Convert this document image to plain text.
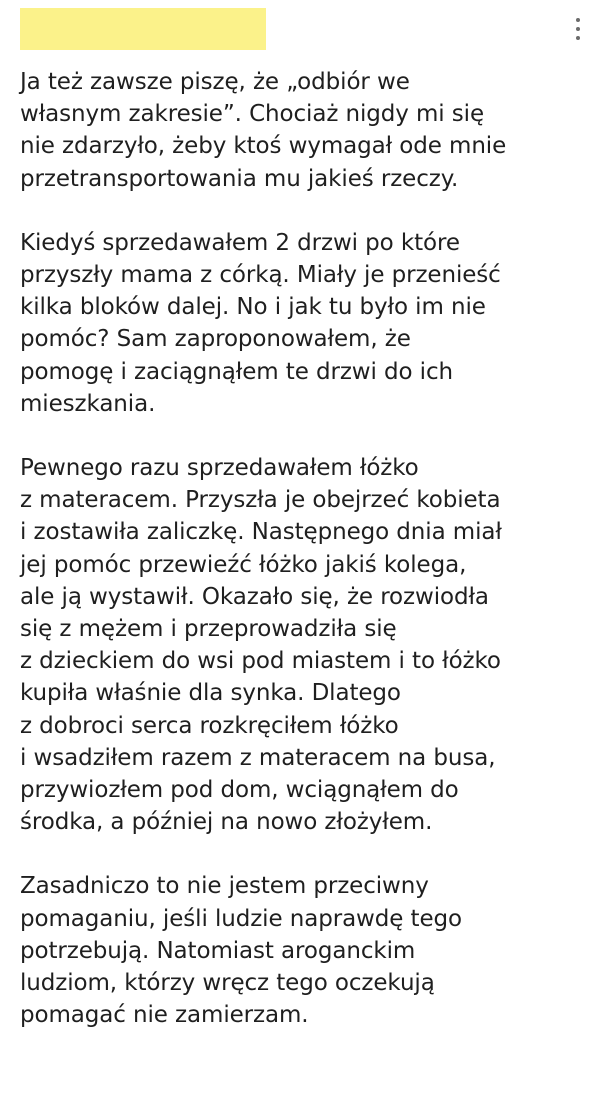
Ja też zawsze piszę, że „odbiór we
własnym zakresie”. Chociaż nigdy mi się
nie zdarzyło, żeby ktoś wymagał ode mnie
przetransportowania mu jakieś rzeczy.

Kiedyś sprzedawałem 2 drzwi po które
przyszły mama z córką. Miały je przenieść
kilka bloków dalej. No i jak tu było im nie
pomóc? Sam zaproponowałem, że
pomogę i zaciągnąłem te drzwi do ich
mieszkania.

Pewnego razu sprzedawałem łóżko
z materacem. Przyszła je obejrzeć kobieta
i zostawiła zaliczkę. Następnego dnia miał
jej pomóc przewieźć łóżko jakiś kolega,
ale ją wystawił. Okazało się, że rozwiodła
się z mężem i przeprowadziła się
z dzieckiem do wsi pod miastem i to łóżko
kupiła właśnie dla synka. Dlatego
z dobroci serca rozkręciłem łóżko
i wsadziłem razem z materacem na busa,
przywiozłem pod dom, wciągnąłem do
środka, a później na nowo złożyłem.

Zasadniczo to nie jestem przeciwny
pomaganiu, jeśli ludzie naprawdę tego
potrzebują. Natomiast aroganckim
ludziom, którzy wręcz tego oczekują
pomagać nie zamierzam.
